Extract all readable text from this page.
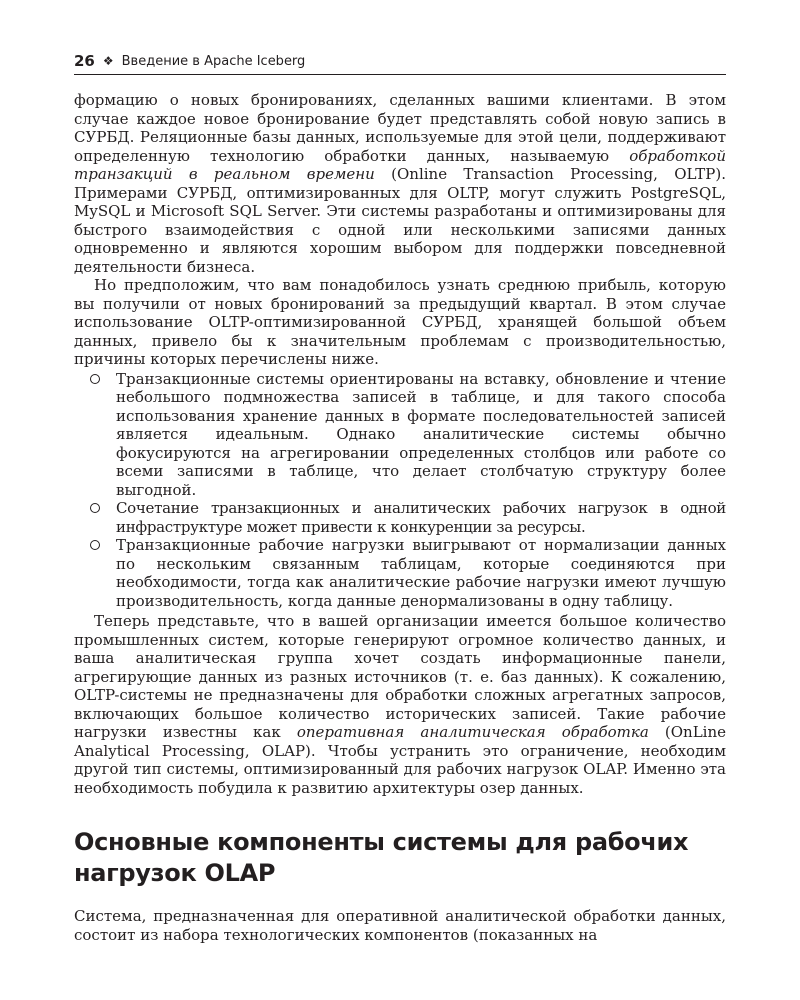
26 ❖ Введение в Apache Iceberg

формацию о новых бронированиях, сделанных вашими клиентами. В этом случае каждое новое бронирование будет представлять собой новую запись в СУРБД. Реляционные базы данных, используемые для этой цели, поддерживают определенную технологию обработки данных, называемую обработкой транзакций в реальном времени (Online Transaction Processing, OLTP). Примерами СУРБД, оптимизированных для OLTP, могут служить PostgreSQL, MySQL и Microsoft SQL Server. Эти системы разработаны и оптимизированы для быстрого взаимодействия с одной или несколькими записями данных одновременно и являются хорошим выбором для поддержки повседневной деятельности бизнеса.

Но предположим, что вам понадобилось узнать среднюю прибыль, которую вы получили от новых бронирований за предыдущий квартал. В этом случае использование OLTP-оптимизированной СУРБД, хранящей большой объем данных, привело бы к значительным проблемам с производительностью, причины которых перечислены ниже.

Транзакционные системы ориентированы на вставку, обновление и чтение небольшого подмножества записей в таблице, и для такого способа использования хранение данных в формате последовательностей записей является идеальным. Однако аналитические системы обычно фокусируются на агрегировании определенных столбцов или работе со всеми записями в таблице, что делает столбчатую структуру более выгодной.
Сочетание транзакционных и аналитических рабочих нагрузок в одной инфраструктуре может привести к конкуренции за ресурсы.
Транзакционные рабочие нагрузки выигрывают от нормализации данных по нескольким связанным таблицам, которые соединяются при необходимости, тогда как аналитические рабочие нагрузки имеют лучшую производительность, когда данные денормализованы в одну таблицу.

Теперь представьте, что в вашей организации имеется большое количество промышленных систем, которые генерируют огромное количество данных, и ваша аналитическая группа хочет создать информационные панели, агрегирующие данных из разных источников (т. е. баз данных). К сожалению, OLTP-системы не предназначены для обработки сложных агрегатных запросов, включающих большое количество исторических записей. Такие рабочие нагрузки известны как оперативная аналитическая обработка (OnLine Analytical Processing, OLAP). Чтобы устранить это ограничение, необходим другой тип системы, оптимизированный для рабочих нагрузок OLAP. Именно эта необходимость побудила к развитию архитектуры озер данных.

Основные компоненты системы для рабочих
нагрузок OLAP

Система, предназначенная для оперативной аналитической обработки данных, состоит из набора технологических компонентов (показанных на
